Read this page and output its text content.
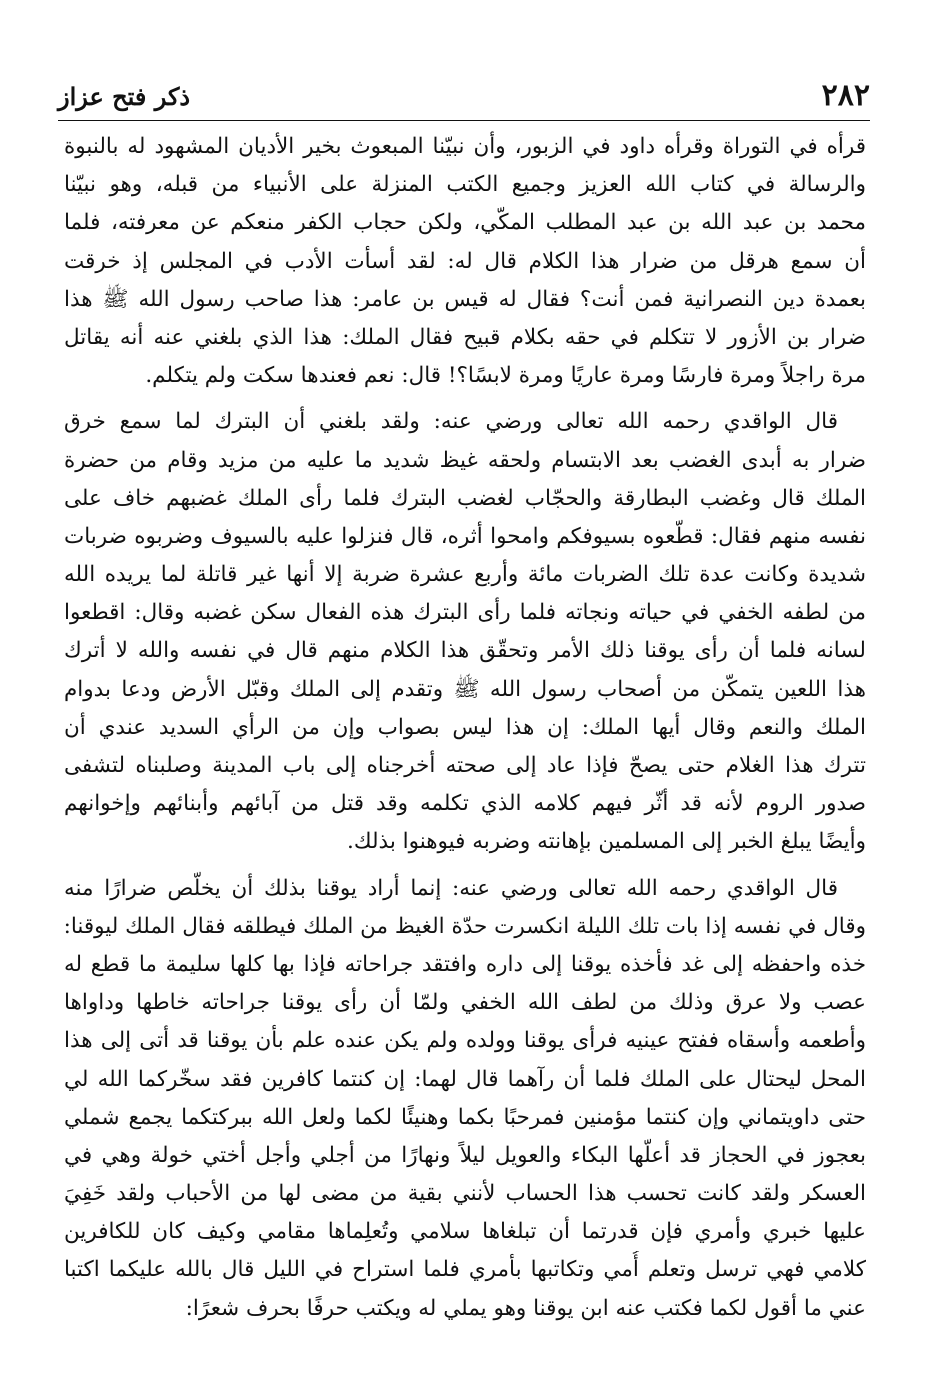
٢٨٢
ذكر فتح عزاز
قرأه في التوراة وقرأه داود في الزبور، وأن نبيّنا المبعوث بخير الأديان المشهود له بالنبوة
والرسالة في كتاب الله العزيز وجميع الكتب المنزلة على الأنبياء من قبله، وهو نبيّنا
محمد بن عبد الله بن عبد المطلب المكّي، ولكن حجاب الكفر منعكم عن معرفته، فلما
أن سمع هرقل من ضرار هذا الكلام قال له: لقد أسأت الأدب في المجلس إذ خرقت
بعمدة دين النصرانية فمن أنت؟ فقال له قيس بن عامر: هذا صاحب رسول الله ﷺ هذا
ضرار بن الأزور لا تتكلم في حقه بكلام قبيح فقال الملك: هذا الذي بلغني عنه أنه يقاتل
مرة راجلاً ومرة فارسًا ومرة عاريًا ومرة لابسًا؟! قال: نعم فعندها سكت ولم يتكلم.
قال الواقدي رحمه الله تعالى ورضي عنه: ولقد بلغني أن البترك لما سمع خرق
ضرار به أبدى الغضب بعد الابتسام ولحقه غيظ شديد ما عليه من مزيد وقام من حضرة
الملك قال وغضب البطارقة والحجّاب لغضب البترك فلما رأى الملك غضبهم خاف على
نفسه منهم فقال: قطّعوه بسيوفكم وامحوا أثره، قال فنزلوا عليه بالسيوف وضربوه ضربات
شديدة وكانت عدة تلك الضربات مائة وأربع عشرة ضربة إلا أنها غير قاتلة لما يريده الله
من لطفه الخفي في حياته ونجاته فلما رأى البترك هذه الفعال سكن غضبه وقال: اقطعوا
لسانه فلما أن رأى يوقنا ذلك الأمر وتحقّق هذا الكلام منهم قال في نفسه والله لا أترك
هذا اللعين يتمكّن من أصحاب رسول الله ﷺ وتقدم إلى الملك وقبّل الأرض ودعا بدوام
الملك والنعم وقال أيها الملك: إن هذا ليس بصواب وإن من الرأي السديد عندي أن
تترك هذا الغلام حتى يصحّ فإذا عاد إلى صحته أخرجناه إلى باب المدينة وصلبناه لتشفى
صدور الروم لأنه قد أثّر فيهم كلامه الذي تكلمه وقد قتل من آبائهم وأبنائهم وإخوانهم
وأيضًا يبلغ الخبر إلى المسلمين بإهانته وضربه فيوهنوا بذلك.
قال الواقدي رحمه الله تعالى ورضي عنه: إنما أراد يوقنا بذلك أن يخلّص ضرارًا منه
وقال في نفسه إذا بات تلك الليلة انكسرت حدّة الغيظ من الملك فيطلقه فقال الملك ليوقنا:
خذه واحفظه إلى غد فأخذه يوقنا إلى داره وافتقد جراحاته فإذا بها كلها سليمة ما قطع له
عصب ولا عرق وذلك من لطف الله الخفي ولمّا أن رأى يوقنا جراحاته خاطها وداواها
وأطعمه وأسقاه ففتح عينيه فرأى يوقنا وولده ولم يكن عنده علم بأن يوقنا قد أتى إلى هذا
المحل ليحتال على الملك فلما أن رآهما قال لهما: إن كنتما كافرين فقد سخّركما الله لي
حتى داويتماني وإن كنتما مؤمنين فمرحبًا بكما وهنيئًا لكما ولعل الله ببركتكما يجمع شملي
بعجوز في الحجاز قد أعلّها البكاء والعويل ليلاً ونهارًا من أجلي وأجل أختي خولة وهي في
العسكر ولقد كانت تحسب هذا الحساب لأنني بقية من مضى لها من الأحباب ولقد خَفِيَ
عليها خبري وأمري فإن قدرتما أن تبلغاها سلامي وتُعلِماها مقامي وكيف كان للكافرين
كلامي فهي ترسل وتعلم أُمي وتكاتبها بأمري فلما استراح في الليل قال بالله عليكما اكتبا
عني ما أقول لكما فكتب عنه ابن يوقنا وهو يملي له ويكتب حرفًا بحرف شعرًا:
